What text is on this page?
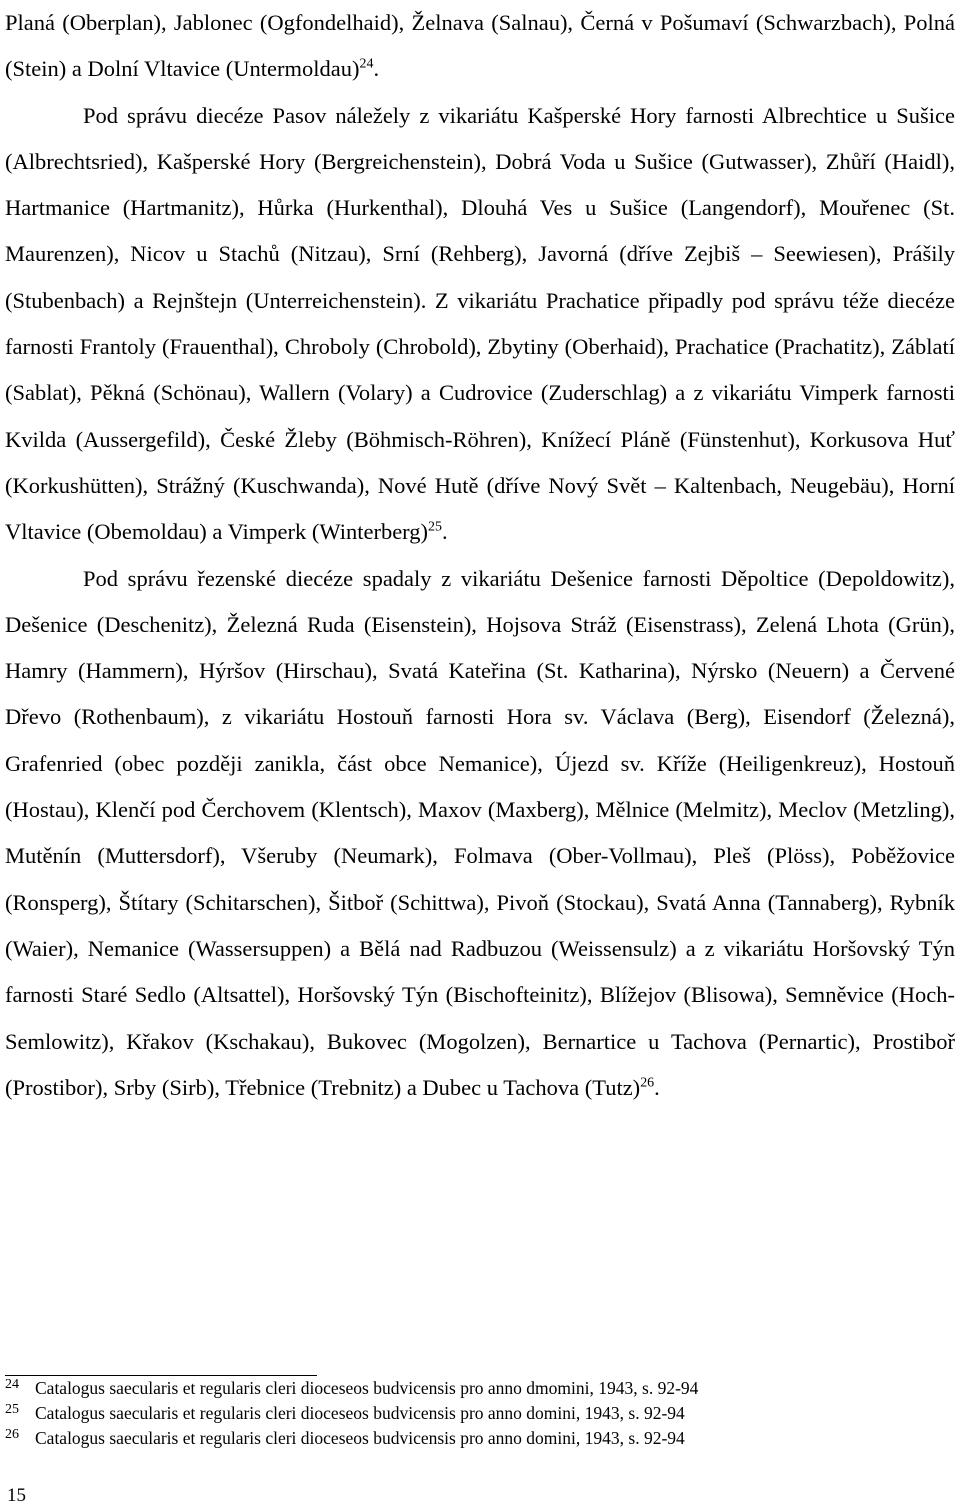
Planá (Oberplan), Jablonec (Ogfondelhaid), Želnava (Salnau), Černá v Pošumaví (Schwarzbach), Polná (Stein) a Dolní Vltavice (Untermoldau)$^{24}$.

Pod správu diecéze Pasov náležely z vikariátu Kašperské Hory farnosti Albrechtice u Sušice (Albrechtsried), Kašperské Hory (Bergreichenstein), Dobrá Voda u Sušice (Gutwasser), Zhůří (Haidl), Hartmanice (Hartmanitz), Hůrka (Hurkenthal), Dlouhá Ves u Sušice (Langendorf), Mouřenec (St. Maurenzen), Nicov u Stachů (Nitzau), Srní (Rehberg), Javorná (dříve Zejbiš – Seewiesen), Prášily (Stubenbach) a Rejnštejn (Unterreichenstein). Z vikariátu Prachatice připadly pod správu téže diecéze farnosti Frantoly (Frauenthal), Chroboly (Chrobold), Zbytiny (Oberhaid), Prachatice (Prachatitz), Záblatí (Sablat), Pěkná (Schönau), Wallern (Volary) a Cudrovice (Zuderschlag) a z vikariátu Vimperk farnosti Kvilda (Aussergefild), České Žleby (Böhmisch-Röhren), Knížecí Pláně (Fünstenhut), Korkusova Huť (Korkushütten), Strážný (Kuschwanda), Nové Hutě (dříve Nový Svět – Kaltenbach, Neugebäu), Horní Vltavice (Obemoldau) a Vimperk (Winterberg)$^{25}$.

Pod správu řezenské diecéze spadaly z vikariátu Dešenice farnosti Děpoltice (Depoldowitz), Dešenice (Deschenitz), Železná Ruda (Eisenstein), Hojsova Stráž (Eisenstrass), Zelená Lhota (Grün), Hamry (Hammern), Hýršov (Hirschau), Svatá Kateřina (St. Katharina), Nýrsko (Neuern) a Červené Dřevo (Rothenbaum), z vikariátu Hostouň farnosti Hora sv. Václava (Berg), Eisendorf (Železná), Grafenried (obec později zanikla, část obce Nemanice), Újezd sv. Kříže (Heiligenkreuz), Hostouň (Hostau), Klenčí pod Čerchovem (Klentsch), Maxov (Maxberg), Mělnice (Melmitz), Meclov (Metzling), Mutěnín (Muttersdorf), Všeruby (Neumark), Folmava (Ober-Vollmau), Pleš (Plöss), Poběžovice (Ronsperg), Štítary (Schitarschen), Šitboř (Schittwa), Pivoň (Stockau), Svatá Anna (Tannaberg), Rybník (Waier), Nemanice (Wassersuppen) a Bělá nad Radbuzou (Weissensulz) a z vikariátu Horšovský Týn farnosti Staré Sedlo (Altsattel), Horšovský Týn (Bischofteinitz), Blížejov (Blisowa), Semněvice (Hoch-Semlowitz), Křakov (Kschakau), Bukovec (Mogolzen), Bernartice u Tachova (Pernartic), Prostiboř (Prostibor), Srby (Sirb), Třebnice (Trebnitz) a Dubec u Tachova (Tutz)$^{26}$.

24 Catalogus saecularis et regularis cleri dioceseos budvicensis pro anno dmomini, 1943, s. 92-94
25 Catalogus saecularis et regularis cleri dioceseos budvicensis pro anno domini, 1943, s. 92-94
26 Catalogus saecularis et regularis cleri dioceseos budvicensis pro anno domini, 1943, s. 92-94
15
